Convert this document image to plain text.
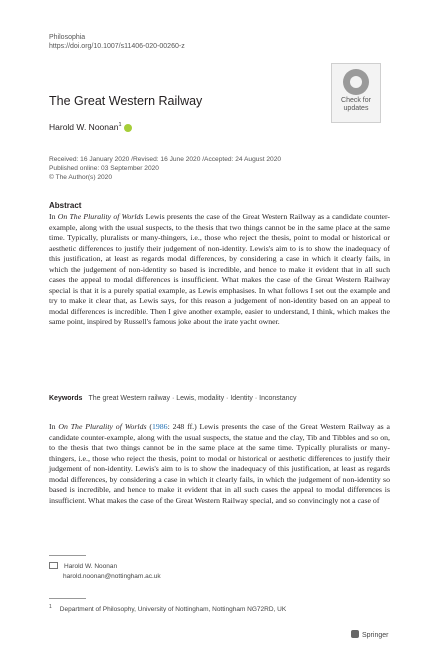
Philosophia
https://doi.org/10.1007/s11406-020-00260-z
Check for
updates
The Great Western Railway
Harold W. Noonan$^1$
Received: 16 January 2020 /Revised: 16 June 2020 /Accepted: 24 August 2020
Published online: 03 September 2020
© The Author(s) 2020
Abstract

In On The Plurality of Worlds Lewis presents the case of the Great Western Railway as a candidate counter-example, along with the usual suspects, to the thesis that two things cannot be in the same place at the same time. Typically, pluralists or many-thingers, i.e., those who reject the thesis, point to modal or historical or aesthetic differences to justify their judgement of non-identity. Lewis's aim to is to show the inadequacy of this justification, at least as regards modal differences, by considering a case in which it clearly fails, in which the judgement of non-identity so based is incredible, and hence to make it evident that in all such cases the appeal to modal differences is insufficient. What makes the case of the Great Western Railway special is that it is a purely spatial example, as Lewis emphasises. In what follows I set out the example and try to make it clear that, as Lewis says, for this reason a judgement of non-identity based on an appeal to modal differences is incredible. Then I give another example, easier to understand, I think, which makes the same point, inspired by Russell's famous joke about the irate yacht owner.

Keywords The great Western railway · Lewis, modality · Identity · Inconstancy

In On The Plurality of Worlds (1986: 248 ff.) Lewis presents the case of the Great Western Railway as a candidate counter-example, along with the usual suspects, the statue and the clay, Tib and Tibbles and so on, to the thesis that two things cannot be in the same place at the same time. Typically pluralists or many-thingers, i.e., those who reject the thesis, point to modal or historical or aesthetic differences to justify their judgement of non-identity. Lewis's aim to is to show the inadequacy of this justification, at least as regards modal differences, by considering a case in which it clearly fails, in which the judgement of non-identity so based is incredible, and hence to make it evident that in all such cases the appeal to modal differences is insufficient. What makes the case of the Great Western Railway special, and so convincingly not a case of

Harold W. Noonan
harold.noonan@nottingham.ac.uk
$^1$ Department of Philosophy, University of Nottingham, Nottingham NG72RD, UK
Springer
